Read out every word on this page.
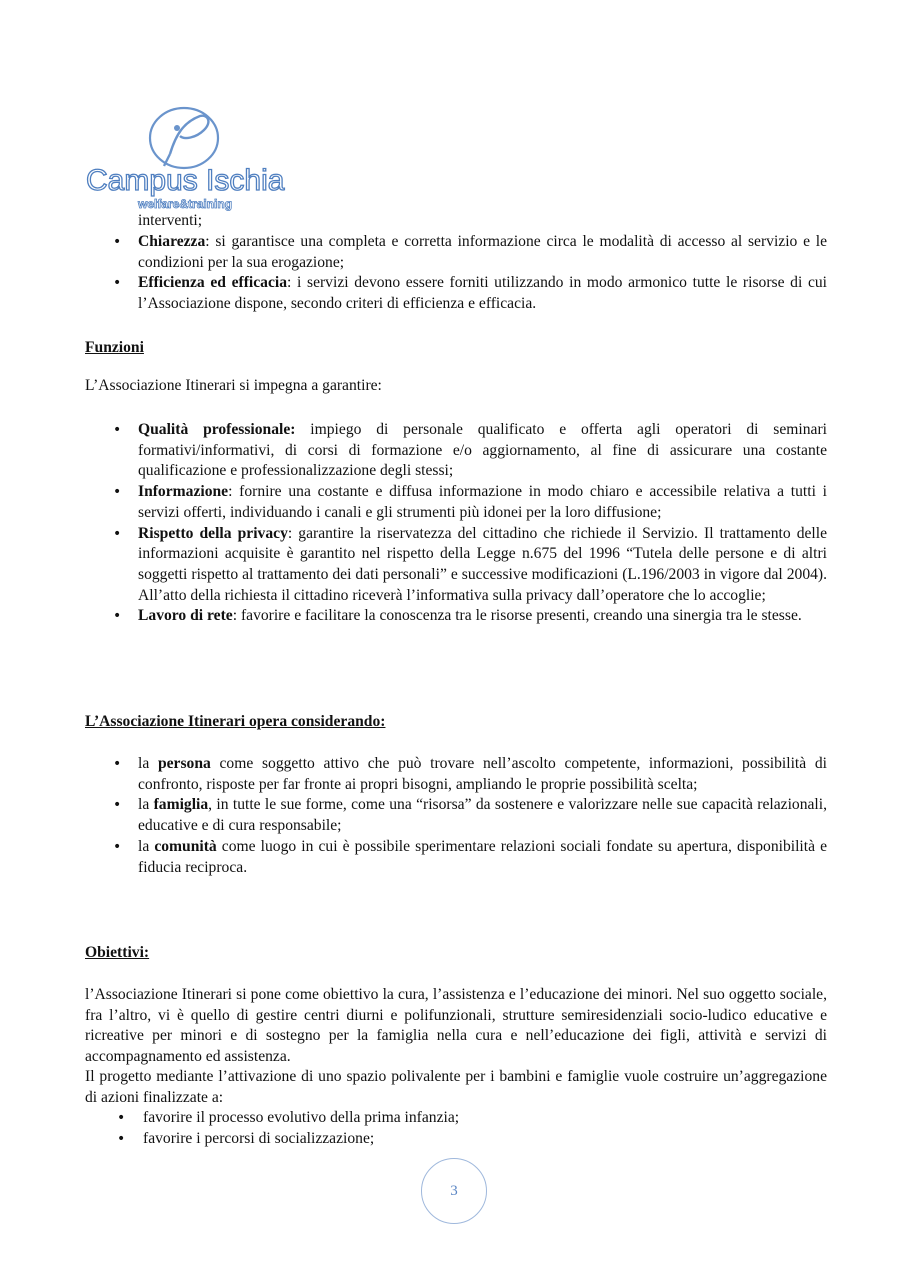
Campus Ischia
welfare&training
interventi;
• Chiarezza: si garantisce una completa e corretta informazione circa le modalità di accesso al servizio e le condizioni per la sua erogazione;
• Efficienza ed efficacia: i servizi devono essere forniti utilizzando in modo armonico tutte le risorse di cui l’Associazione dispone, secondo criteri di efficienza e efficacia.
Funzioni
L’Associazione Itinerari si impegna a garantire:
• Qualità professionale: impiego di personale qualificato e offerta agli operatori di seminari formativi/informativi, di corsi di formazione e/o aggiornamento, al fine di assicurare una costante qualificazione e professionalizzazione degli stessi;
• Informazione: fornire una costante e diffusa informazione in modo chiaro e accessibile relativa a tutti i servizi offerti, individuando i canali e gli strumenti più idonei per la loro diffusione;
• Rispetto della privacy: garantire la riservatezza del cittadino che richiede il Servizio. Il trattamento delle informazioni acquisite è garantito nel rispetto della Legge n.675 del 1996 “Tutela delle persone e di altri soggetti rispetto al trattamento dei dati personali” e successive modificazioni (L.196/2003 in vigore dal 2004). All’atto della richiesta il cittadino riceverà l’informativa sulla privacy dall’operatore che lo accoglie;
• Lavoro di rete: favorire e facilitare la conoscenza tra le risorse presenti, creando una sinergia tra le stesse.
L’Associazione Itinerari opera considerando:
• la persona come soggetto attivo che può trovare nell’ascolto competente, informazioni, possibilità di confronto, risposte per far fronte ai propri bisogni, ampliando le proprie possibilità scelta;
• la famiglia, in tutte le sue forme, come una “risorsa” da sostenere e valorizzare nelle sue capacità relazionali, educative e di cura responsabile;
• la comunità come luogo in cui è possibile sperimentare relazioni sociali fondate su apertura, disponibilità e fiducia reciproca.
Obiettivi:
l’Associazione Itinerari si pone come obiettivo la cura, l’assistenza e l’educazione dei minori. Nel suo oggetto sociale, fra l’altro, vi è quello di gestire centri diurni e polifunzionali, strutture semiresidenziali socio-ludico educative e ricreative per minori e di sostegno per la famiglia nella cura e nell’educazione dei figli, attività e servizi di accompagnamento ed assistenza.
Il progetto mediante l’attivazione di uno spazio polivalente per i bambini e famiglie vuole costruire un’aggregazione di azioni finalizzate a:
• favorire il processo evolutivo della prima infanzia;
• favorire i percorsi di socializzazione;
3
